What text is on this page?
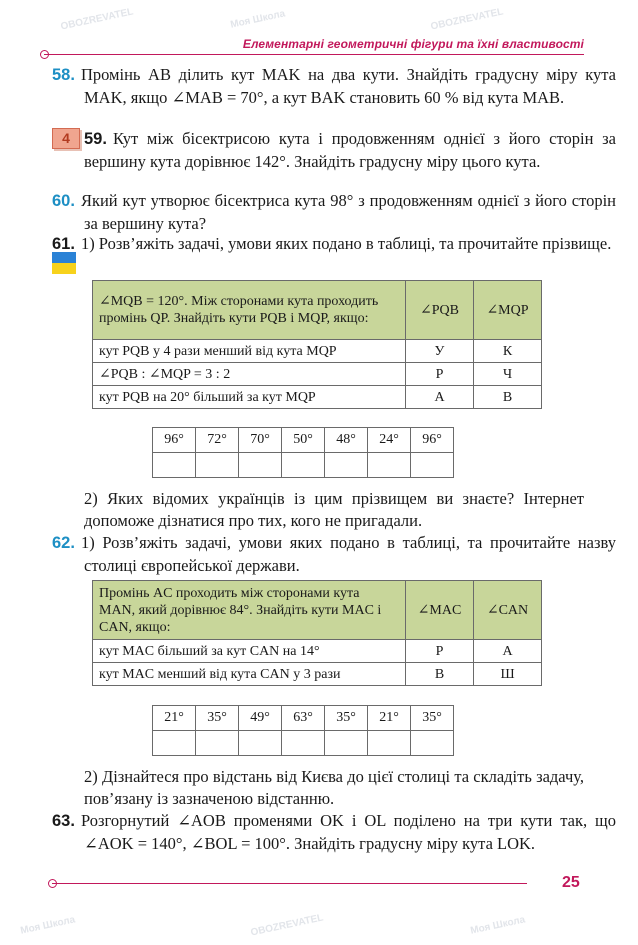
OBOZREVATEL	Моя Школа	OBOZREVATEL
Моя Школа	OBOZREVATEL	Моя Школа
Елементарні геометричні фігури та їхні властивості
58. Промінь AB ділить кут MAK на два кути. Знайдіть градусну міру кута MAK, якщо ∠MAB = 70°, а кут BAK становить 60 % від кута MAB.
4 59. Кут між бісектрисою кута і продовженням однієї з його сторін за вершину кута дорівнює 142°. Знайдіть градусну міру цього кута.
60. Який кут утворює бісектриса кута 98° з продовженням однієї з його сторін за вершину кута?
61. 1) Розв’яжіть задачі, умови яких подано в таблиці, та прочитайте прізвище.
∠MQB = 120°. Між сторонами кута проходить промінь QP. Знайдіть кути PQB і MQP, якщо:	∠PQB	∠MQP
кут PQB у 4 рази менший від кута MQP	У	К
∠PQB : ∠MQP = 3 : 2	Р	Ч
кут PQB на 20° більший за кут MQP	А	В
96°	72°	70°	50°	48°	24°	96°

2) Яких відомих українців із цим прізвищем ви знаєте? Інтернет допоможе дізнатися про тих, кого не пригадали.
62. 1) Розв’яжіть задачі, умови яких подано в таблиці, та прочитайте назву столиці європейської держави.
Промінь AC проходить між сторонами кута MAN, який дорівнює 84°. Знайдіть кути MAC і CAN, якщо:	∠MAC	∠CAN
кут MAC більший за кут CAN на 14°	Р	А
кут MAC менший від кута CAN у 3 рази	В	Ш
21°	35°	49°	63°	35°	21°	35°

2) Дізнайтеся про відстань від Києва до цієї столиці та складіть задачу, пов’язану із зазначеною відстанню.
63. Розгорнутий ∠AOB променями OK і OL поділено на три кути так, що ∠AOK = 140°, ∠BOL = 100°. Знайдіть градусну міру кута LOK.
25
